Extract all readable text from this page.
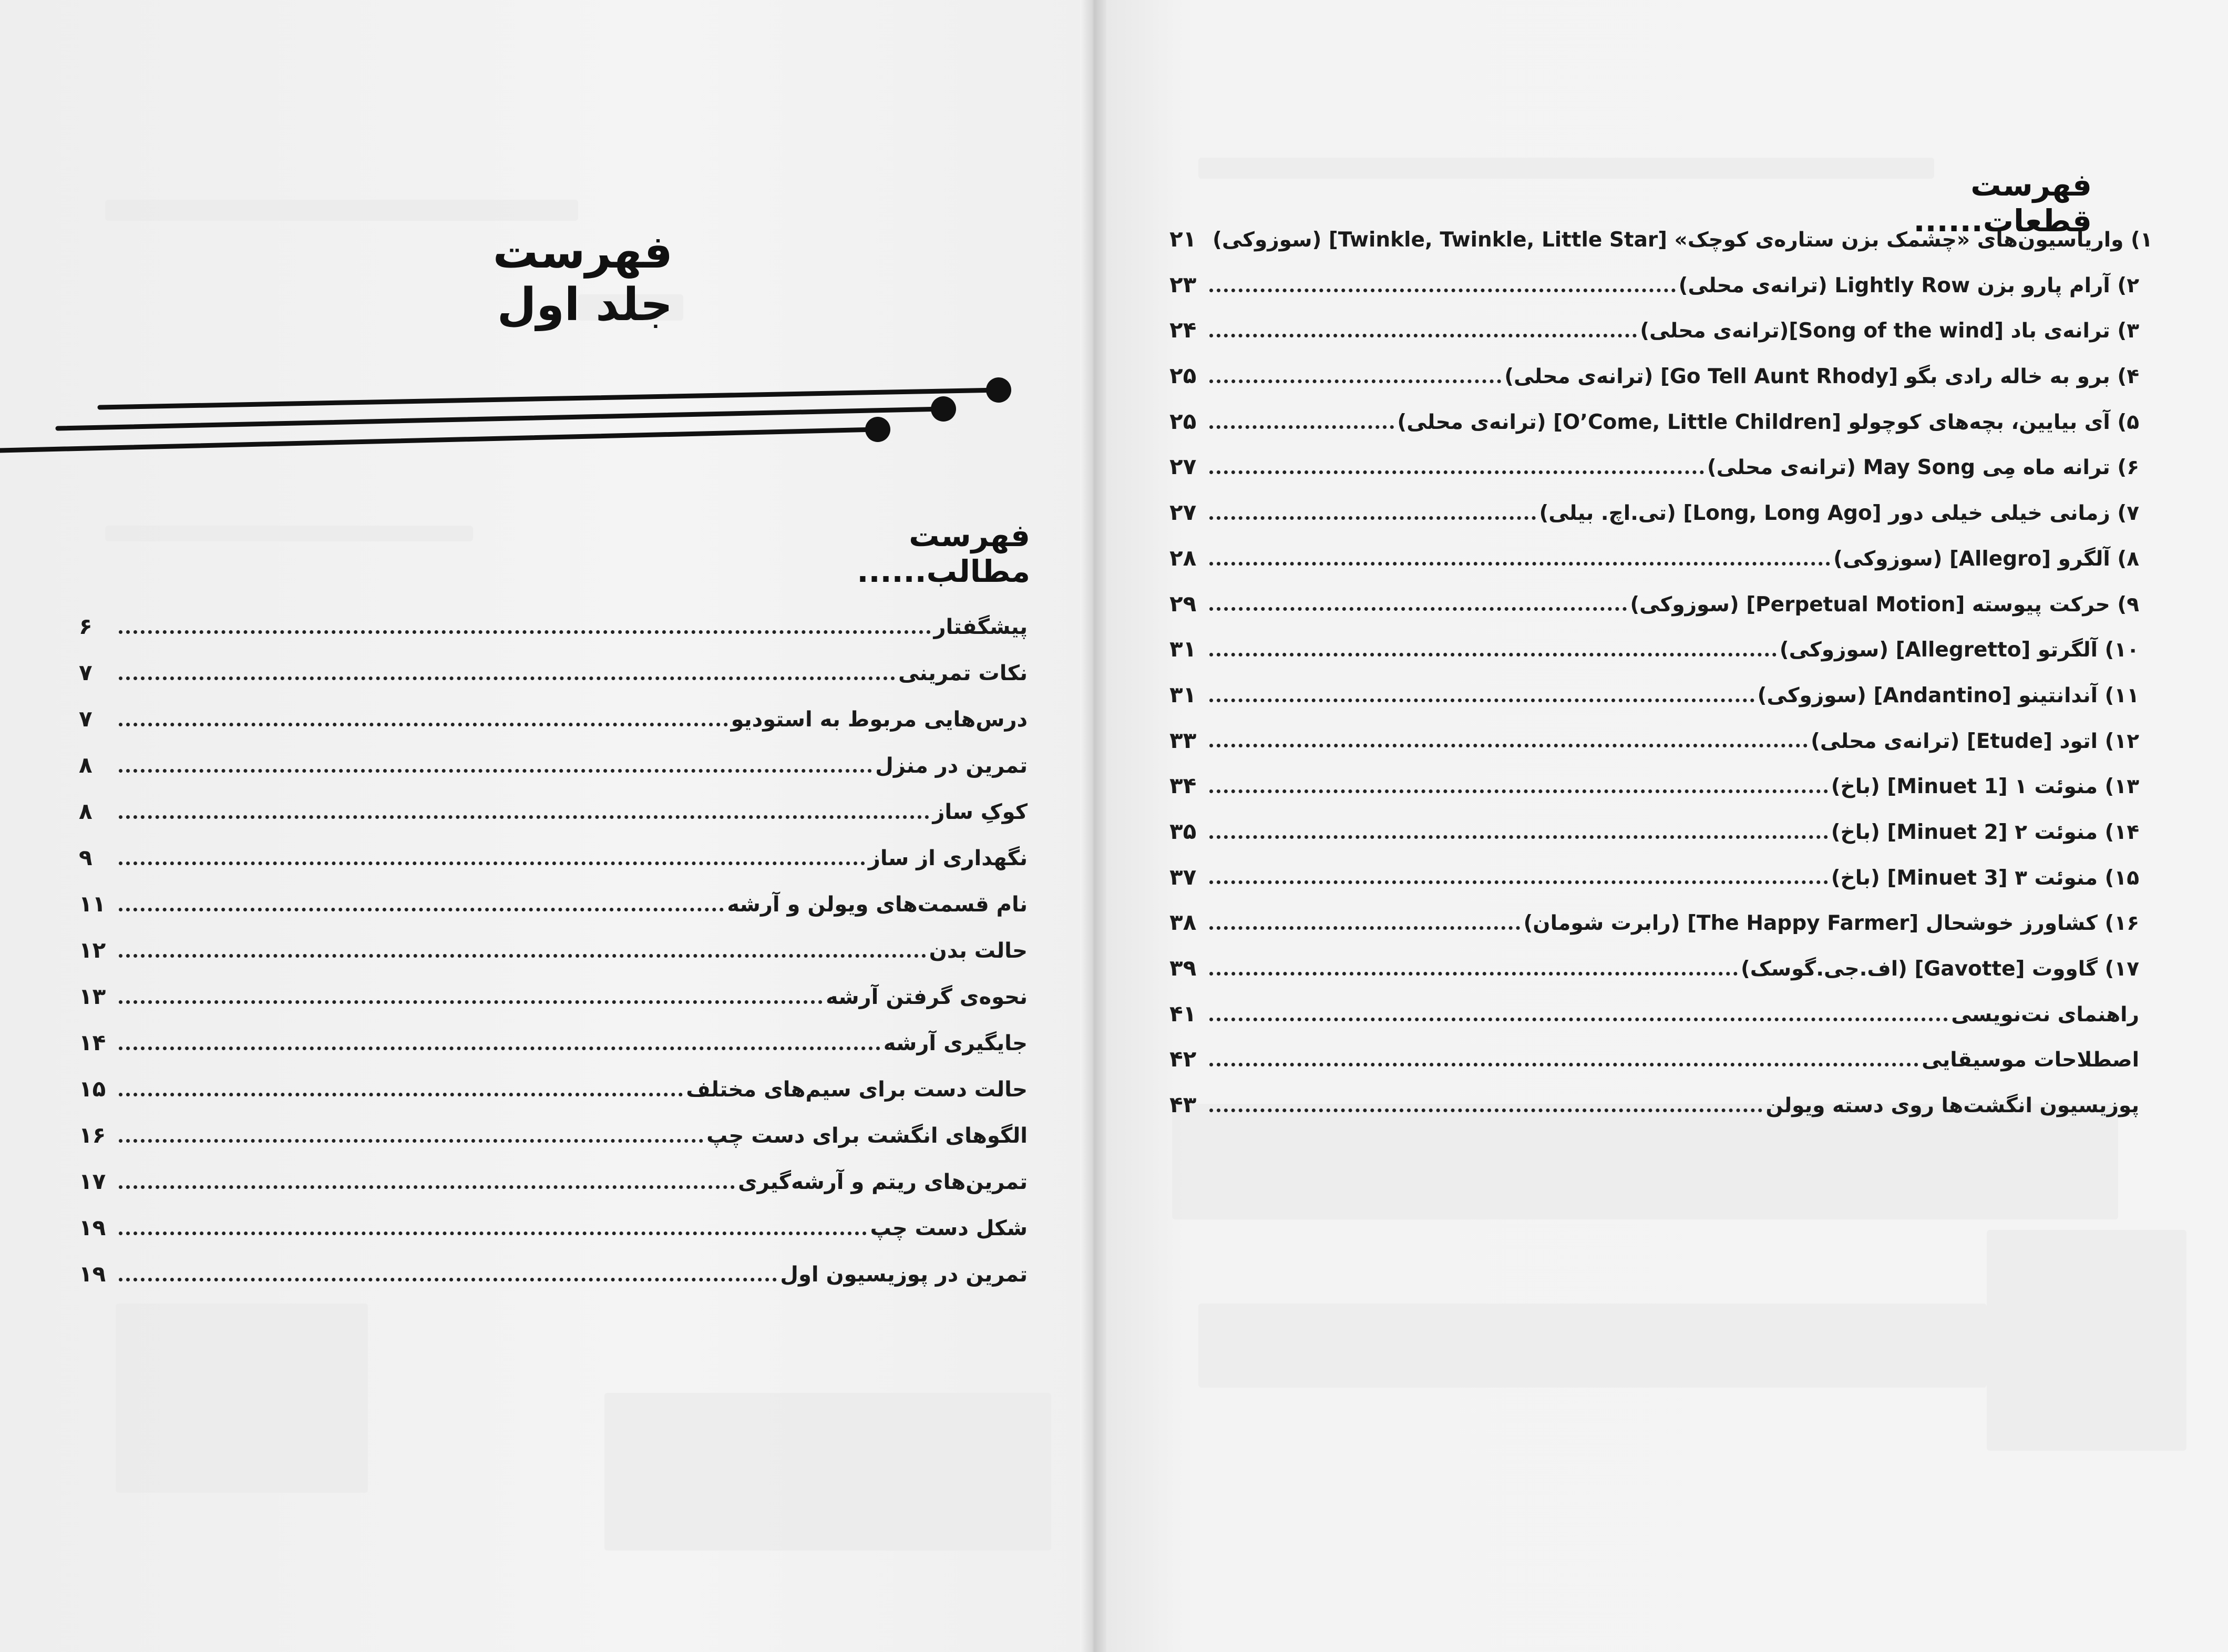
فهرست جلد اول
فهرست مطالب......
۶	پیشگفتار
۷	نکات تمرینی
۷	درس‌هایی مربوط به استودیو
۸	تمرین در منزل
۸	کوکِ ساز
۹	نگهداری از ساز
۱۱	نام قسمت‌های ویولن و آرشه
۱۲	حالت بدن
۱۳	نحوه‌ی گرفتن آرشه
۱۴	جایگیری آرشه
۱۵	حالت دست برای سیم‌های مختلف
۱۶	الگوهای انگشت برای دست چپ
۱۷	تمرین‌های ریتم و آرشه‌گیری
۱۹	شکل دست چپ
۱۹	تمرین در پوزیسیون اول
فهرست قطعات......
۲۱ ۱) واریاسیون‌های «چشمک بزن ستاره‌ی کوچک» [Twinkle, Twinkle, Little Star] (سوزوکی)
۲۳	۲) آرام پارو بزن Lightly Row (ترانه‌ی محلی)
۲۴	۳) ترانه‌ی باد [Song of the wind](ترانه‌ی محلی)
۲۵	۴) برو به خاله رادی بگو [Go Tell Aunt Rhody] (ترانه‌ی محلی)
۲۵	۵) آی بیایین، بچه‌های کوچولو [O’Come, Little Children] (ترانه‌ی محلی)
۲۷	۶) ترانه ماه مِی May Song (ترانه‌ی محلی)
۲۷	۷) زمانی خیلی خیلی دور [Long, Long Ago] (تی.اچ. بیلی)
۲۸	۸) آلگرو [Allegro] (سوزوکی)
۲۹	۹) حرکت پیوسته [Perpetual Motion] (سوزوکی)
۳۱	۱۰) آلگرتو [Allegretto] (سوزوکی)
۳۱	۱۱) آندانتینو [Andantino] (سوزوکی)
۳۳	۱۲) اتود [Etude] (ترانه‌ی محلی)
۳۴	۱۳) منوئت ۱ [Minuet 1] (باخ)
۳۵	۱۴) منوئت ۲ [Minuet 2] (باخ)
۳۷	۱۵) منوئت ۳ [Minuet 3] (باخ)
۳۸	۱۶) کشاورز خوشحال [The Happy Farmer] (رابرت شومان)
۳۹	۱۷) گاووت [Gavotte] (اف.جی.گوسک)
۴۱	راهنمای نت‌نویسی
۴۲	اصطلاحات موسیقایی
۴۳	پوزیسیون انگشت‌ها روی دسته ویولن
